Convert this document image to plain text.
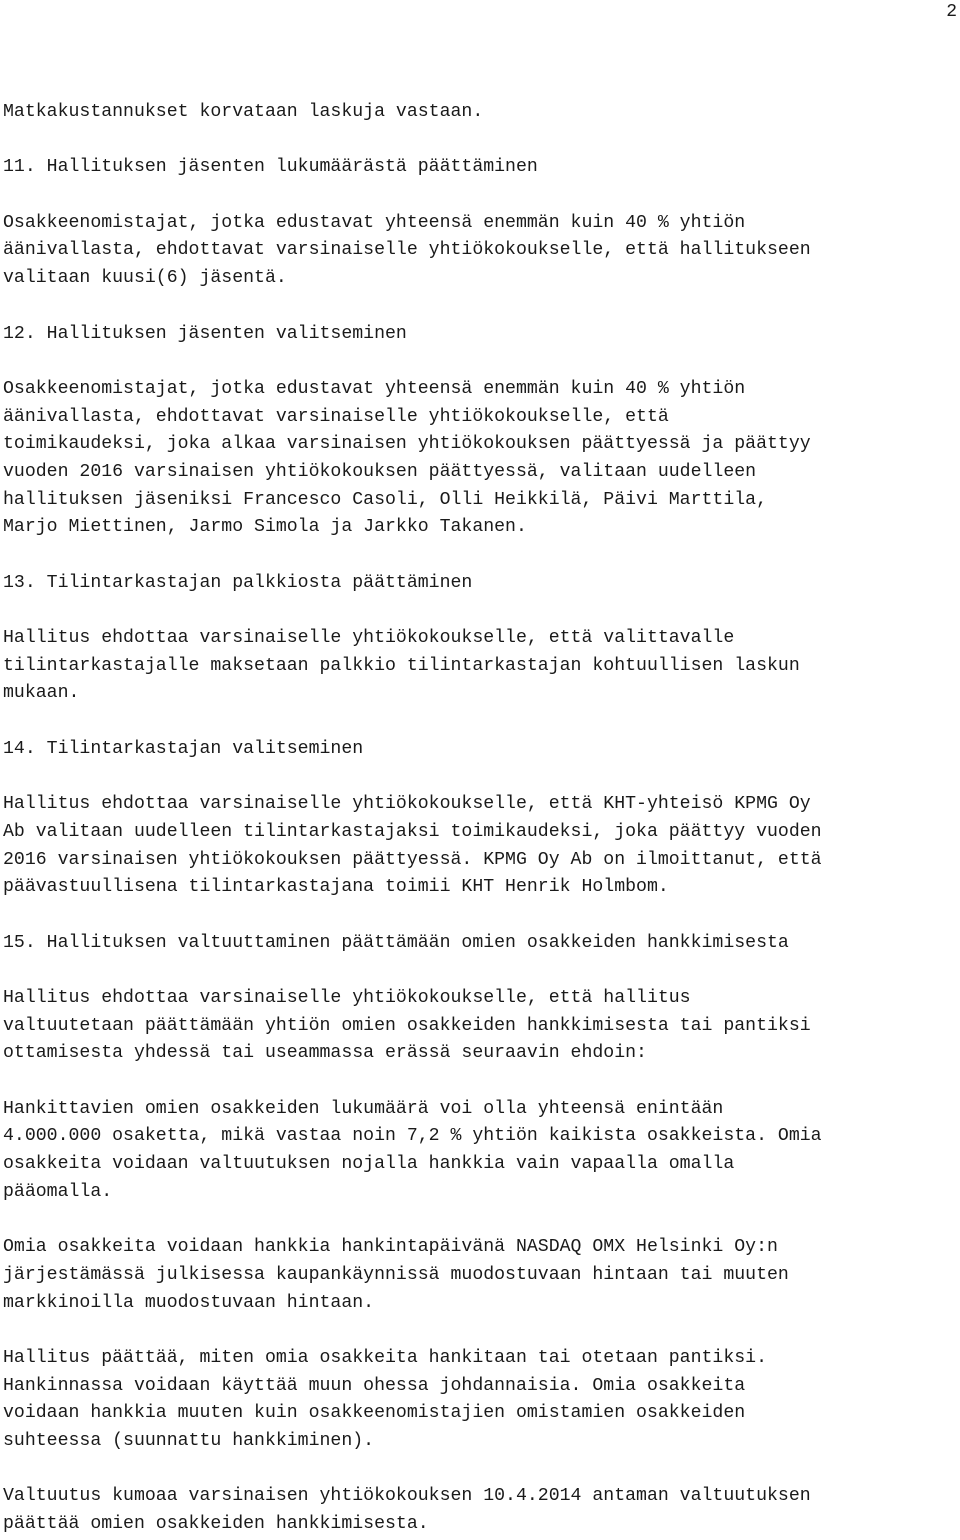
2
Matkakustannukset korvataan laskuja vastaan.
11. Hallituksen jäsenten lukumäärästä päättäminen
Osakkeenomistajat, jotka edustavat yhteensä enemmän kuin 40 % yhtiön
äänivallasta, ehdottavat varsinaiselle yhtiökokoukselle, että hallitukseen
valitaan kuusi(6) jäsentä.
12. Hallituksen jäsenten valitseminen
Osakkeenomistajat, jotka edustavat yhteensä enemmän kuin 40 % yhtiön
äänivallasta, ehdottavat varsinaiselle yhtiökokoukselle, että
toimikaudeksi, joka alkaa varsinaisen yhtiökokouksen päättyessä ja päättyy
vuoden 2016 varsinaisen yhtiökokouksen päättyessä, valitaan uudelleen
hallituksen jäseniksi Francesco Casoli, Olli Heikkilä, Päivi Marttila,
Marjo Miettinen, Jarmo Simola ja Jarkko Takanen.
13. Tilintarkastajan palkkiosta päättäminen
Hallitus ehdottaa varsinaiselle yhtiökokoukselle, että valittavalle
tilintarkastajalle maksetaan palkkio tilintarkastajan kohtuullisen laskun
mukaan.
14. Tilintarkastajan valitseminen
Hallitus ehdottaa varsinaiselle yhtiökokoukselle, että KHT-yhteisö KPMG Oy
Ab valitaan uudelleen tilintarkastajaksi toimikaudeksi, joka päättyy vuoden
2016 varsinaisen yhtiökokouksen päättyessä. KPMG Oy Ab on ilmoittanut, että
päävastuullisena tilintarkastajana toimii KHT Henrik Holmbom.
15. Hallituksen valtuuttaminen päättämään omien osakkeiden hankkimisesta
Hallitus ehdottaa varsinaiselle yhtiökokoukselle, että hallitus
valtuutetaan päättämään yhtiön omien osakkeiden hankkimisesta tai pantiksi
ottamisesta yhdessä tai useammassa erässä seuraavin ehdoin:
Hankittavien omien osakkeiden lukumäärä voi olla yhteensä enintään
4.000.000 osaketta, mikä vastaa noin 7,2 % yhtiön kaikista osakkeista. Omia
osakkeita voidaan valtuutuksen nojalla hankkia vain vapaalla omalla
pääomalla.
Omia osakkeita voidaan hankkia hankintapäivänä NASDAQ OMX Helsinki Oy:n
järjestämässä julkisessa kaupankäynnissä muodostuvaan hintaan tai muuten
markkinoilla muodostuvaan hintaan.
Hallitus päättää, miten omia osakkeita hankitaan tai otetaan pantiksi.
Hankinnassa voidaan käyttää muun ohessa johdannaisia. Omia osakkeita
voidaan hankkia muuten kuin osakkeenomistajien omistamien osakkeiden
suhteessa (suunnattu hankkiminen).
Valtuutus kumoaa varsinaisen yhtiökokouksen 10.4.2014 antaman valtuutuksen
päättää omien osakkeiden hankkimisesta.
